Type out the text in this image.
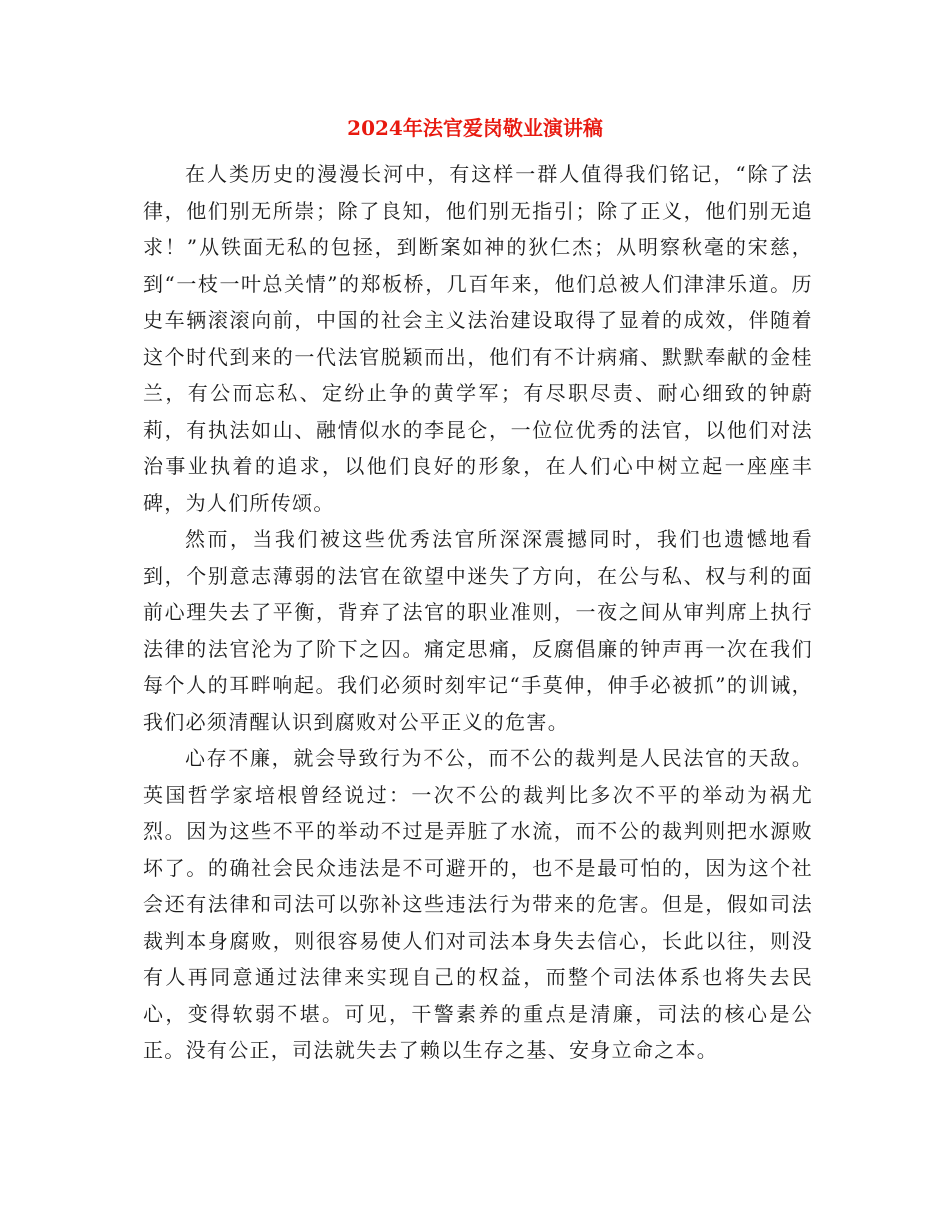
2024年法官爱岗敬业演讲稿

在人类历史的漫漫长河中，有这样一群人值得我们铭记，“除了法律，他们别无所崇；除了良知，他们别无指引；除了正义，他们别无追求！”从铁面无私的包拯，到断案如神的狄仁杰；从明察秋毫的宋慈，到“一枝一叶总关情”的郑板桥，几百年来，他们总被人们津津乐道。历史车辆滚滚向前，中国的社会主义法治建设取得了显着的成效，伴随着这个时代到来的一代法官脱颖而出，他们有不计病痛、默默奉献的金桂兰，有公而忘私、定纷止争的黄学军；有尽职尽责、耐心细致的钟蔚莉，有执法如山、融情似水的李昆仑，一位位优秀的法官，以他们对法治事业执着的追求，以他们良好的形象，在人们心中树立起一座座丰碑，为人们所传颂。

然而，当我们被这些优秀法官所深深震撼同时，我们也遗憾地看到，个别意志薄弱的法官在欲望中迷失了方向，在公与私、权与利的面前心理失去了平衡，背弃了法官的职业准则，一夜之间从审判席上执行法律的法官沦为了阶下之囚。痛定思痛，反腐倡廉的钟声再一次在我们每个人的耳畔响起。我们必须时刻牢记“手莫伸，伸手必被抓”的训诫，我们必须清醒认识到腐败对公平正义的危害。

心存不廉，就会导致行为不公，而不公的裁判是人民法官的天敌。英国哲学家培根曾经说过：一次不公的裁判比多次不平的举动为祸尤烈。因为这些不平的举动不过是弄脏了水流，而不公的裁判则把水源败坏了。的确社会民众违法是不可避开的，也不是最可怕的，因为这个社会还有法律和司法可以弥补这些违法行为带来的危害。但是，假如司法裁判本身腐败，则很容易使人们对司法本身失去信心，长此以往，则没有人再同意通过法律来实现自己的权益，而整个司法体系也将失去民心，变得软弱不堪。可见，干警素养的重点是清廉，司法的核心是公正。没有公正，司法就失去了赖以生存之基、安身立命之本。
